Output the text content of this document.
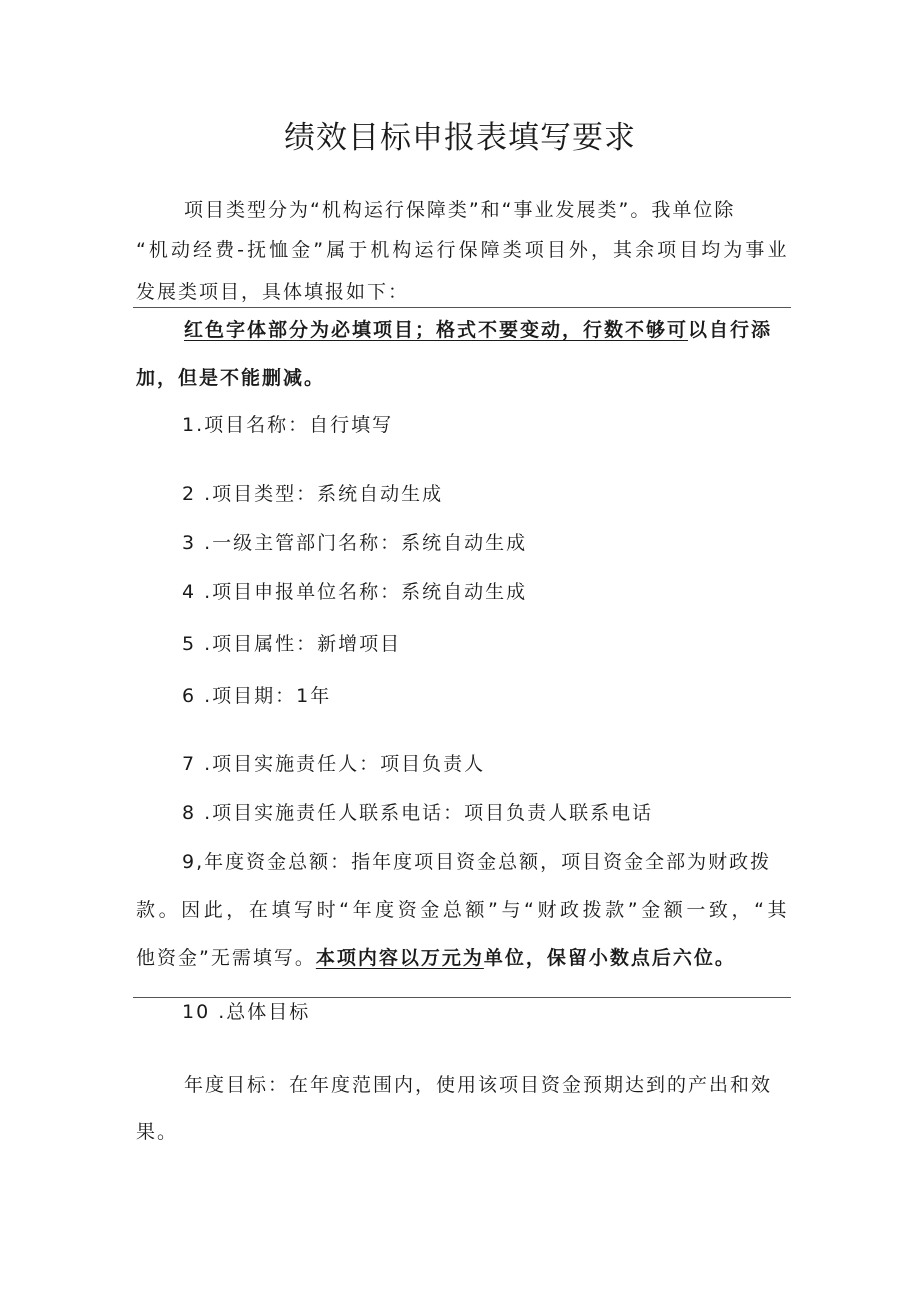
绩效目标申报表填写要求
项目类型分为“机构运行保障类”和“事业发展类”。我单位除
“机动经费-抚恤金”属于机构运行保障类项目外，其余项目均为事业
发展类项目，具体填报如下：
红色字体部分为必填项目；格式不要变动，行数不够可以自行添
加，但是不能删减。
1.项目名称：自行填写
2 .项目类型：系统自动生成
3 .一级主管部门名称：系统自动生成
4 .项目申报单位名称：系统自动生成
5 .项目属性：新增项目
6 .项目期：1年
7 .项目实施责任人：项目负责人
8 .项目实施责任人联系电话：项目负责人联系电话
9,年度资金总额：指年度项目资金总额，项目资金全部为财政拨
款。因此，在填写时“年度资金总额”与“财政拨款”金额一致，“其
他资金”无需填写。本项内容以万元为单位，保留小数点后六位。
10 .总体目标
年度目标：在年度范围内，使用该项目资金预期达到的产出和效
果。
